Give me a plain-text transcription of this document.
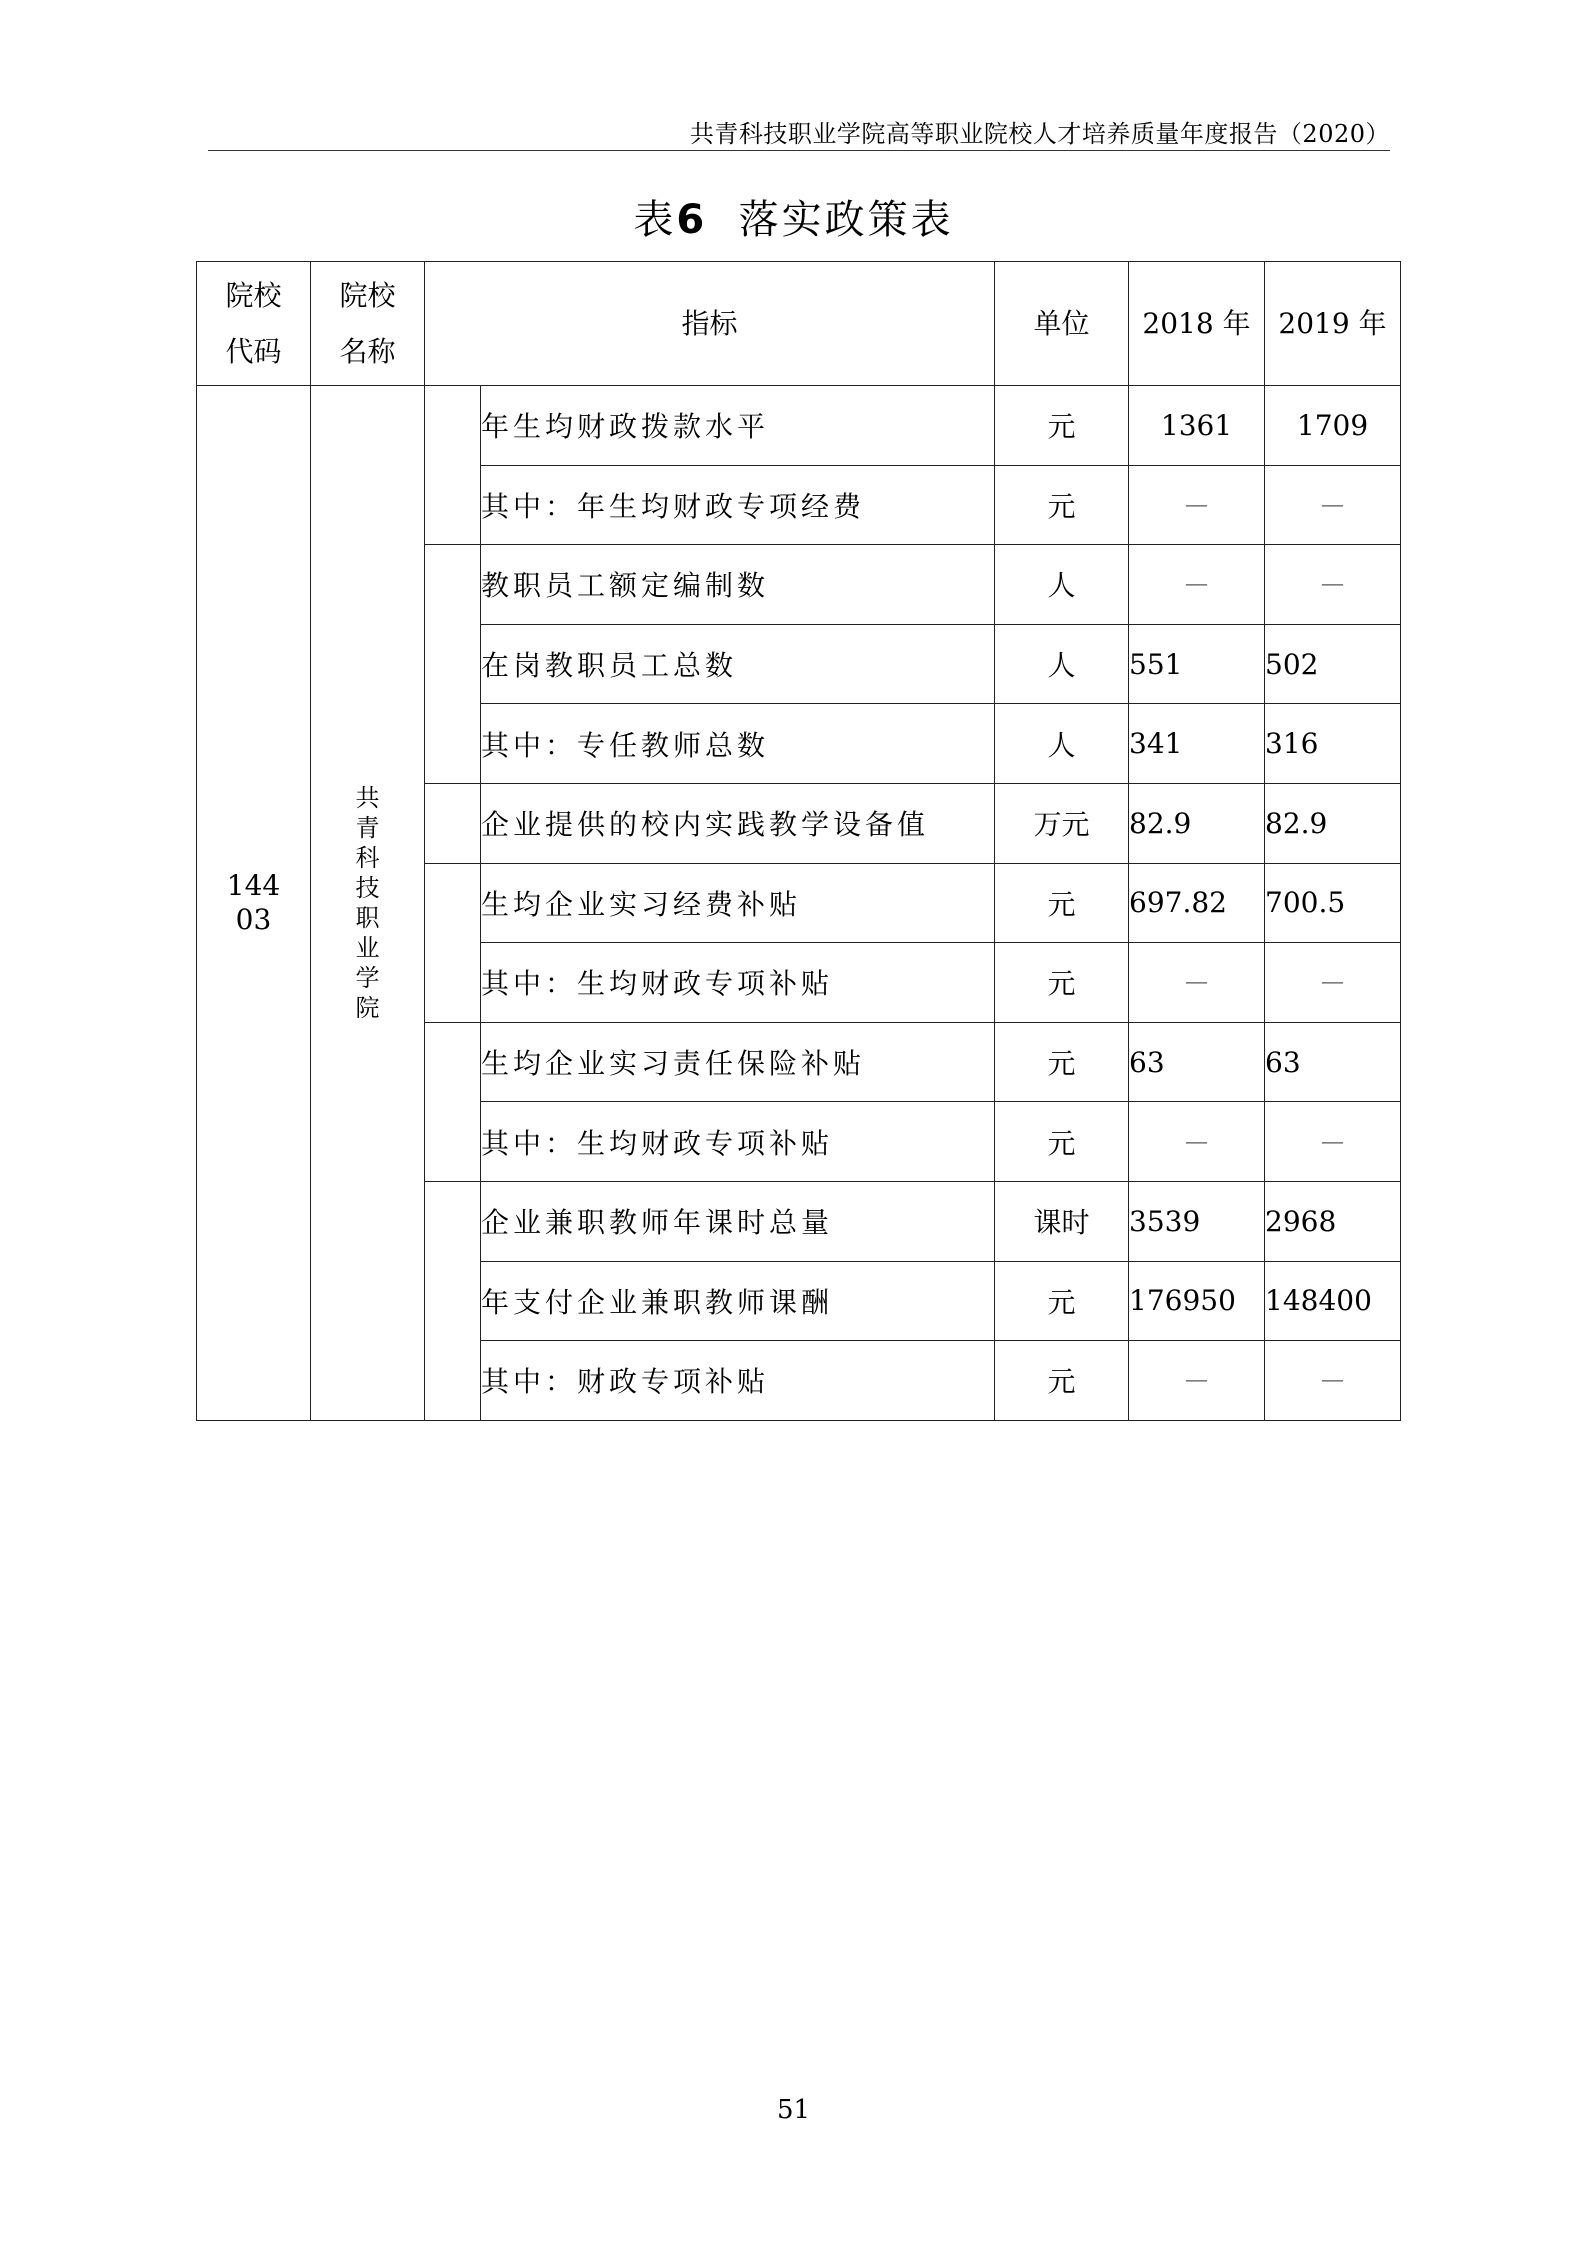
共青科技职业学院高等职业院校人才培养质量年度报告（2020）
表6 落实政策表
院校代码	院校名称	指标		单位	2018 年	2019 年
14403	共青科技职业学院		年生均财政拨款水平	元	1361	1709
			其中：年生均财政专项经费	元	－	－
			教职员工额定编制数	人	－	－
			在岗教职员工总数	人	551	502
			其中：专任教师总数	人	341	316
			企业提供的校内实践教学设备值	万元	82.9	82.9
			生均企业实习经费补贴	元	697.82	700.5
			其中：生均财政专项补贴	元	－	－
			生均企业实习责任保险补贴	元	63	63
			其中：生均财政专项补贴	元	－	－
			企业兼职教师年课时总量	课时	3539	2968
			年支付企业兼职教师课酬	元	176950	148400
			其中：财政专项补贴	元	－	－
51
